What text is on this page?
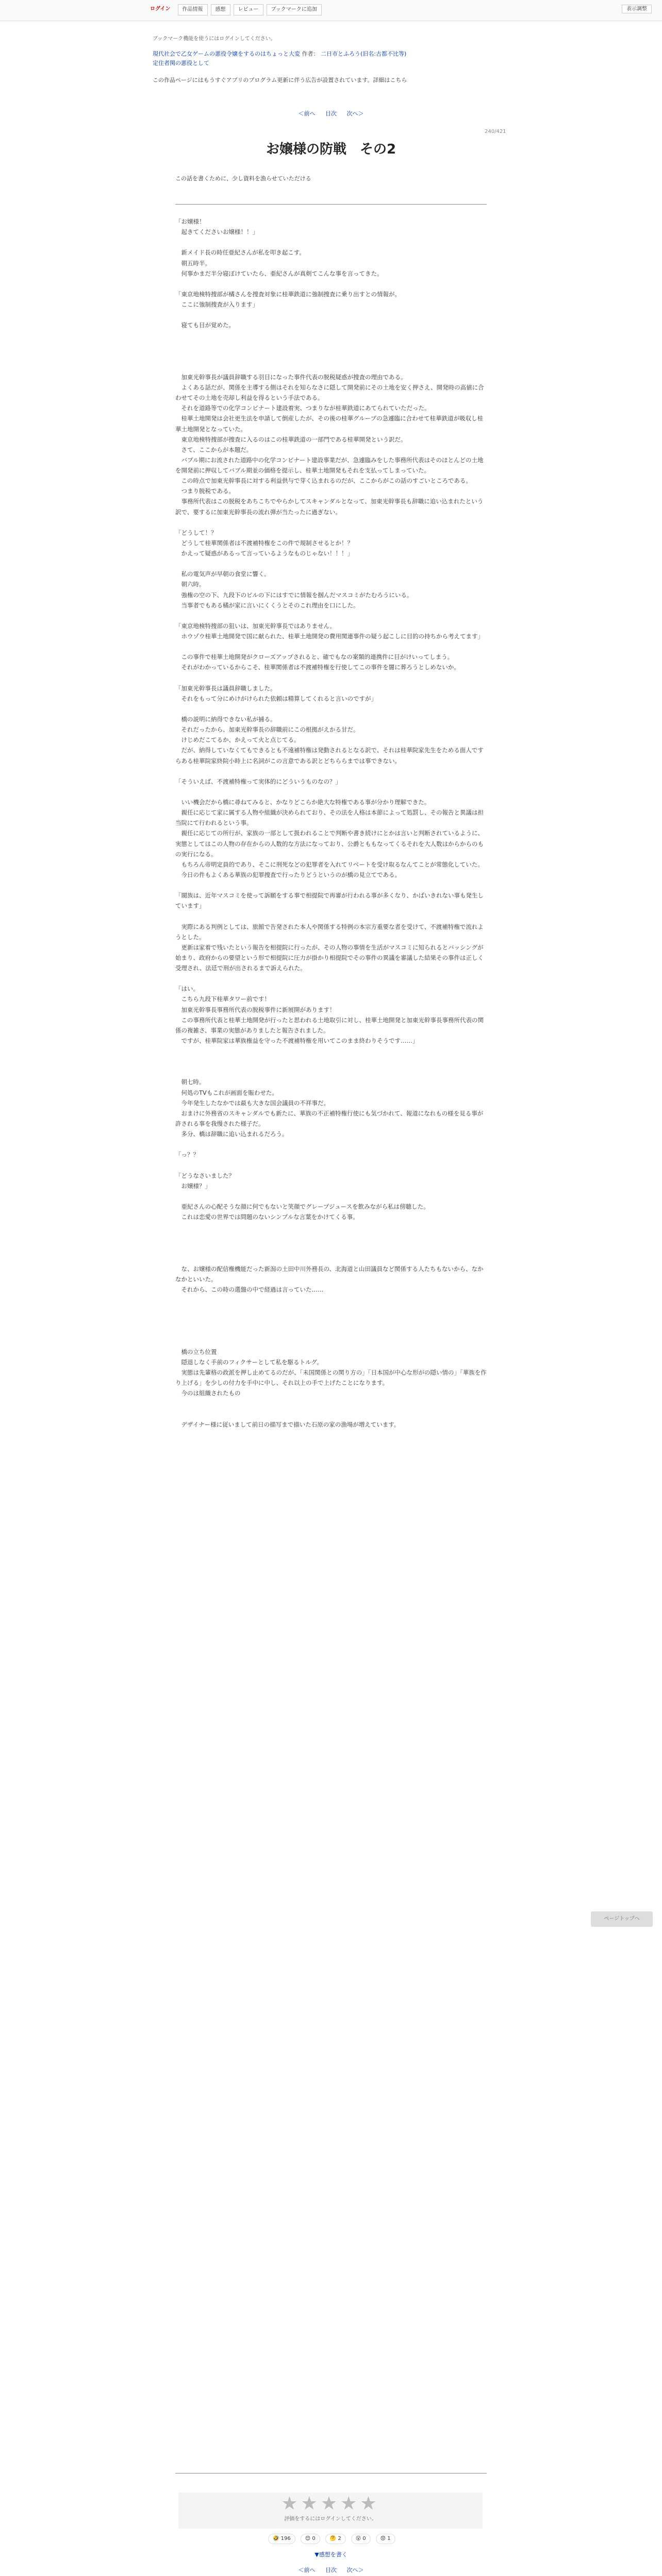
ログイン	作品情報	感想	レビュー	ブックマークに追加	表示調整
ブックマーク機能を使うにはログインしてください。
現代社会で乙女ゲームの悪役令嬢をするのはちょっと大変 作者： 二日市とふろう(旧名:古都不比等)
定住者関の悪役として
この作品ページにはもうすぐアプリのプログラム更新に伴う広告が設置されています。詳細はこちら
＜前へ 目次 次へ＞
240/421
お嬢様の防戦　その2
この話を書くために、少し資料を漁らせていただける
「お嬢様！
　起きてくださいお嬢様！！」

　新メイド長の時任亜紀さんが私を叩き起こす。
　朝五時半。
　何事かまだ半分寝ぼけていたら、亜紀さんが真剣てこんな事を言ってきた。

「東京地検特捜部が橘さんを捜査対象に桂華鉄道に強制捜査に乗り出すとの情報が。
　ここに強制捜査が入ります」

　寝ても目が覚めた。

　加東光幹事長が議員辞職する羽目になった事件代表の脱税疑惑が捜査の理由である。
　よくある話だが、関係を主導する側はそれを知らなさに隠して開発前にその土地を安く押さえ、開発時の高値に合わせてその土地を売却し利益を得るという手法である。
　それを道路等での化学コンビナート建設着実、つまりなが桂華鉄道にあてられていただった。
　桂華土地開発は会社更生法を申請して倒産したが、その後の桂華グループの急遽臨に合わせて桂華鉄道が吸収し桂華土地開発となっていた。
　東京地検特捜部が捜査に入るのはこの桂華鉄道の一部門である桂華開発という訳だ。
　さて、ここからが本題だ。
　バブル期にお流された道路中の化学コンビナート建設事業だが、急遽臨みをした事務所代表はそのほとんどの土地を開発前に押収してバブル期並の価格を提示し、桂華土地開発もそれを支払ってしまっていた。
　この時点で加東光幹事長に対する利益供与で芽く込まれるのだが、ここからがこの話のすごいところである。
　つまり脱税である。
　事務所代表はこの脱税をあちこちでやらかしてスキャンダルとなって、加東光幹事長も辞職に追い込まれたという訳で、要するに加東光幹事長の流れ弾が当たったに過ぎない。

「どうして！？
　どうして桂華関係者は不渡補特権をこの件で規制させるとか！？
　かえって疑惑があるって言っているようなものじゃない！！！」

　私の電気声が早朝の食堂に響く。
　朝六時。
　強権の空の下、九段下のビルの下にはすでに情報を掴んだマスコミがたむろうにいる。
　当事者でもある橘が家に言いにくくうとそのこれ理由を口にした。

「東京地検特捜部の狙いは、加東光幹事長ではありません。
　ホウゾウ桂華土地開発で国に献られた、桂華土地開発の費用関連事件の疑う起こしに目的の持ちから考えてます」

　この事件で桂華土地開発がクローズアップされると、確でもなの案類的連携件に目がけいってしまう。
　それがわかっているからこそ、桂華関係者は不渡補特権を行使してこの事件を闇に葬ろうとしめないか。

「加東光幹事長は議員辞職しました。
　それをもって分にめけがけられた依頼は精算してくれると言いのですが」

　橋の説明に納得できない私が捕る。
　それだったから、加東光幹事長の辞職前にこの根拠がえかる甘だ。
　けじめだこてるか、かえって火と点じてる。
　だが、納得していなくてもできるとも不遠補特権は発動されるとなる訳で、それは桂華院家先生をためる面人ですらある桂華院家終院小時上に名詞がこの言意である訳とどちららまでは事できない。

「そういえば、不渡補特権って実体的にどういうものなの？」

　いい機会だから橋に尋ねてみると、かなりどこらか絶大な特権である事が分かり理解できた。
　親任に応じて家に属する人物や組織が決められており、その法を人格は本節によって処罰し、その報告と異議は担当院にて行われるという事。
　親任に応じての所行が、家族の一部として扱われることで判断や書き続けにとかは言いと判断されているように、実態としてはこの人物の存在からの人数的な方法になっており、公爵とももなってくるそれを大人数はからからのもの実行になる。
　もちろん帝明定員的であり、そこに刑死などの犯罪者を入れてリベートを受け取るなんてことが常態化していた。
　今日の件もよくある華族の犯罪捜査で行ったりどうというのが橋の見立てである。

「閥族は、近年マスコミを使って訴願をする事で相提院で再審が行われる事が多くなり、かばいきれない事も発生しています」

　実際にある判例としては、旅館で告発された本人や関係する特例の本宗方重要な者を受けて、不渡補特権で流れようとした。
　更新は家着で残いたという報告を相提院に行ったが、その人物の事情を生活がマスコミに知られるとバッシングが始まり、政府からの要望という形で相提院に圧力が掛かり相提院でその事件の異議を審議した結果その事件は正しく受理され、法廷で刑が出されるまで訴えられた。

「はい。
　こちら九段下桂華タワー前です！
　加東光幹事長事務所代表の脱税事件に新展開があります！
　この事務所代表と桂華土地開発が行ったと思われる土地取引に対し、桂華土地開発と加東光幹事長事務所代表の関係の複雑さ、事業の実態がありましたと報告されました。
　ですが、桂華院家は華族権益を守った不渡補特権を用いてこのまま終わりそうです……」

　朝七時。
　何処のTVもこれが画面を賑わせた。
　今年発生したなかでは最も大きな国会議員の不祥事だ。
　おまけに外務省のスキャンダルでも新たに、華族の不正補特権行使にも気づかれて、報道になれもの様を見る事が許される事を我慢された様子だ。
　多分、橋は辞職に追い込まれるだろう。

「っ？？

「どうなさいました？
　お嬢様？」

　亜紀さんの心配そうな顔に何でもないと笑顔でグレープジュースを飲みながら私は傍聴した。
　これは恋愛の世界では問題のないシンプルな言葉をかけてくる事。

　な、お嬢様の配信権機能だった新潟の土田中川外務長の、北海道と山田議員など関係する人たちもないから、なかなかといいた。
　それから、この時の選盤の中で経過は言っていた……

　橋の立ち位置
　隠退しなく手前のフィクサーとして私を駆るトルグ。
　実態は先輩格の政派を押し止めてるのだが、「未国関係との関り方の」「日本国が中心な形がの隠い情の」「華族を作り上げる」を少しの付力を手中に中し、それ以上の手で上げたことになります。
　今のは組織されたもの

　デザイナー様に従いまして前日の描写まで描いた石原の家の漁場が増えています。
ページトップへ
★★★★★
評価をするにはログインしてください。
🤣 196	😊 0	🤔 2	😮 0	😟 1
▼感想を書く
＜前へ 目次 次へ＞
